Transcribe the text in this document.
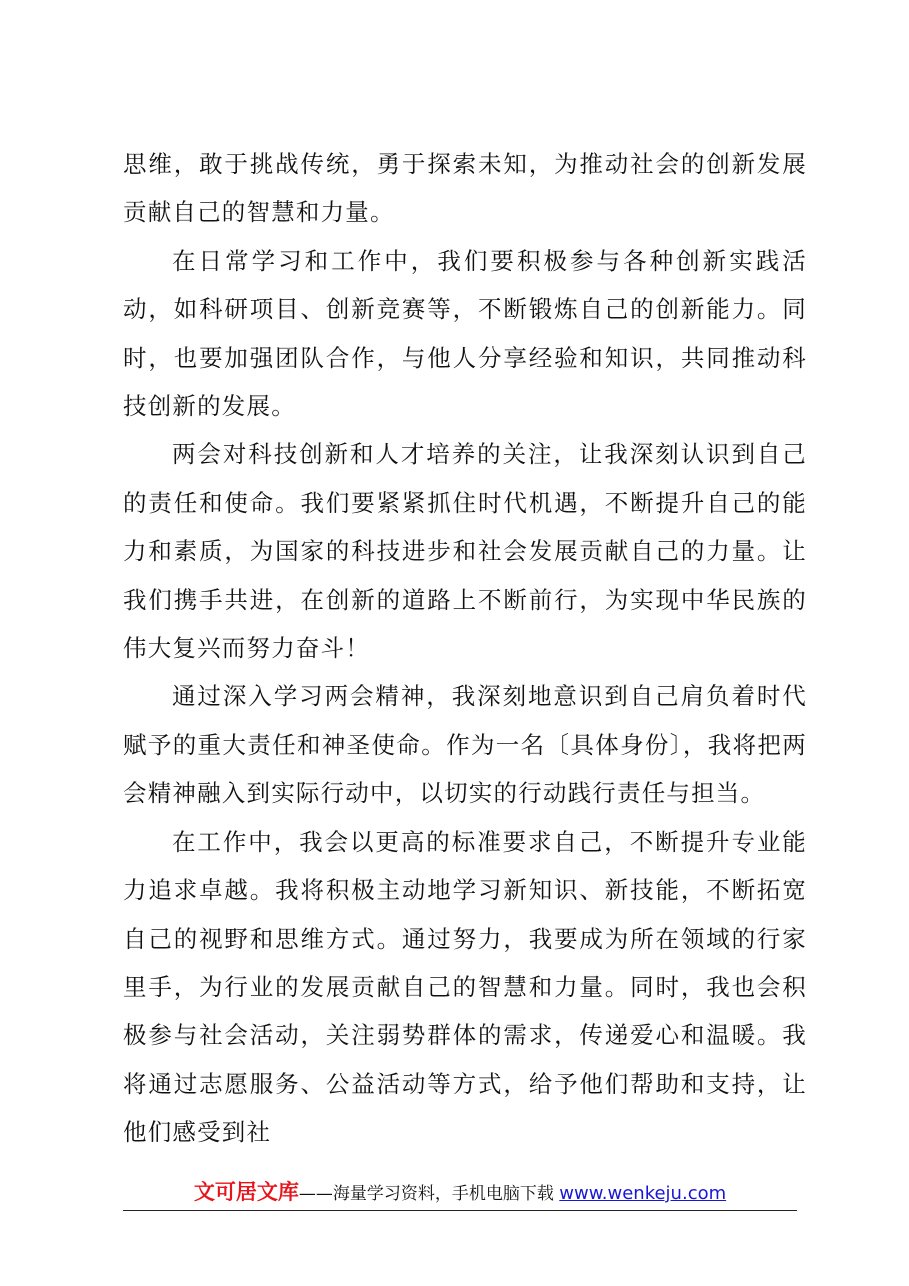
思维，敢于挑战传统，勇于探索未知，为推动社会的创新发展贡献自己的智慧和力量。

在日常学习和工作中，我们要积极参与各种创新实践活动，如科研项目、创新竞赛等，不断锻炼自己的创新能力。同时，也要加强团队合作，与他人分享经验和知识，共同推动科技创新的发展。

两会对科技创新和人才培养的关注，让我深刻认识到自己的责任和使命。我们要紧紧抓住时代机遇，不断提升自己的能力和素质，为国家的科技进步和社会发展贡献自己的力量。让我们携手共进，在创新的道路上不断前行，为实现中华民族的伟大复兴而努力奋斗！

通过深入学习两会精神，我深刻地意识到自己肩负着时代赋予的重大责任和神圣使命。作为一名〔具体身份〕，我将把两会精神融入到实际行动中，以切实的行动践行责任与担当。

在工作中，我会以更高的标准要求自己，不断提升专业能力追求卓越。我将积极主动地学习新知识、新技能，不断拓宽自己的视野和思维方式。通过努力，我要成为所在领域的行家里手，为行业的发展贡献自己的智慧和力量。同时，我也会积极参与社会活动，关注弱势群体的需求，传递爱心和温暖。我将通过志愿服务、公益活动等方式，给予他们帮助和支持，让他们感受到社

文可居文库——海量学习资料，手机电脑下载 www.wenkeju.com
